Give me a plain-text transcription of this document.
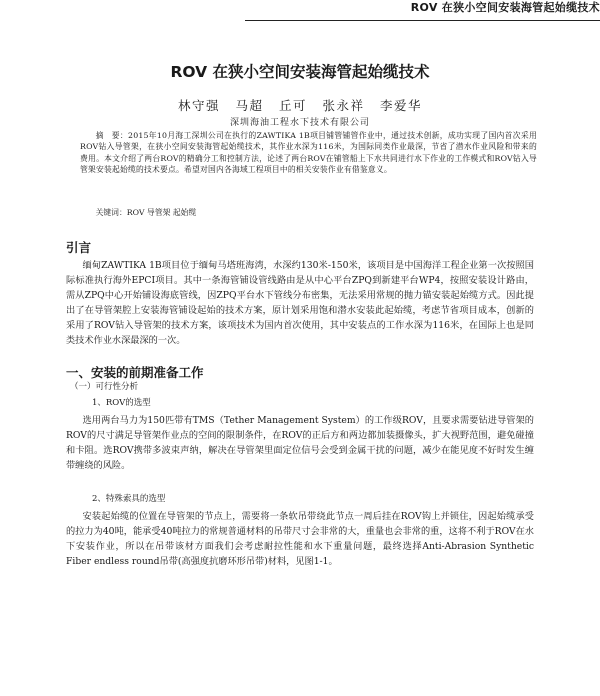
ROV 在狭小空间安装海管起始缆技术
ROV 在狭小空间安装海管起始缆技术
林守强 马超 丘可 张永祥 李爱华
深圳海油工程水下技术有限公司

摘　要：2015年10月海工深圳公司在执行的ZAWTIKA 1B项目铺管铺管作业中，通过技术创新，成功实现了国内首次采用ROV钻入导管架，在狭小空间安装海管起始缆技术，其作业水深为116米，为国际同类作业最深，节省了潜水作业风险和带来的费用。本文介绍了两台ROV的精确分工和控制方法，论述了两台ROV在铺管船上下水共同进行水下作业的工作模式和ROV钻入导管架安装起始缆的技术要点。希望对国内各海域工程项目中的相关安装作业有借鉴意义。

关键词：ROV 导管架 起始缆
引言

缅甸ZAWTIKA 1B项目位于缅甸马塔班海湾，水深约130米-150米，该项目是中国海洋工程企业第一次按照国际标准执行海外EPCI项目。其中一条海管铺设管线路由是从中心平台ZPQ到新建平台WP4，按照安装设计路由，需从ZPQ中心开始铺设海底管线，因ZPQ平台水下管线分布密集，无法采用常规的抛力锚安装起始缆方式。因此提出了在导管架腔上安装海管铺设起始的技术方案，原计划采用饱和潜水安装此起始缆，考虑节省项目成本，创新的采用了ROV钻入导管架的技术方案，该项技术为国内首次使用，其中安装点的工作水深为116米，在国际上也是同类技术作业水深最深的一次。

一、安装的前期准备工作
（一）可行性分析
1、ROV的选型

选用两台马力为150匹带有TMS（Tether Management System）的工作级ROV，且要求需要钻进导管架的ROV的尺寸满足导管架作业点的空间的限制条件，在ROV的正后方和两边都加装摄像头，扩大视野范围，避免碰撞和卡阻。选ROV携带多波束声纳，解决在导管架里面定位信号会受到金属干扰的问题，减少在能见度不好时发生缠带缠绕的风险。

2、特殊索具的选型

安装起始缆的位置在导管架的节点上，需要将一条软吊带绕此节点一周后挂在ROV钩上并锁住，因起始缆承受的拉力为40吨，能承受40吨拉力的常规普通材料的吊带尺寸会非常的大，重量也会非常的重，这将不利于ROV在水下安装作业，所以在吊带该材方面我们会考虑耐拉性能和水下重量问题，最终选择Anti-Abrasion Synthetic Fiber endless round吊带(高强度抗磨环形吊带)材料，见图1-1。
